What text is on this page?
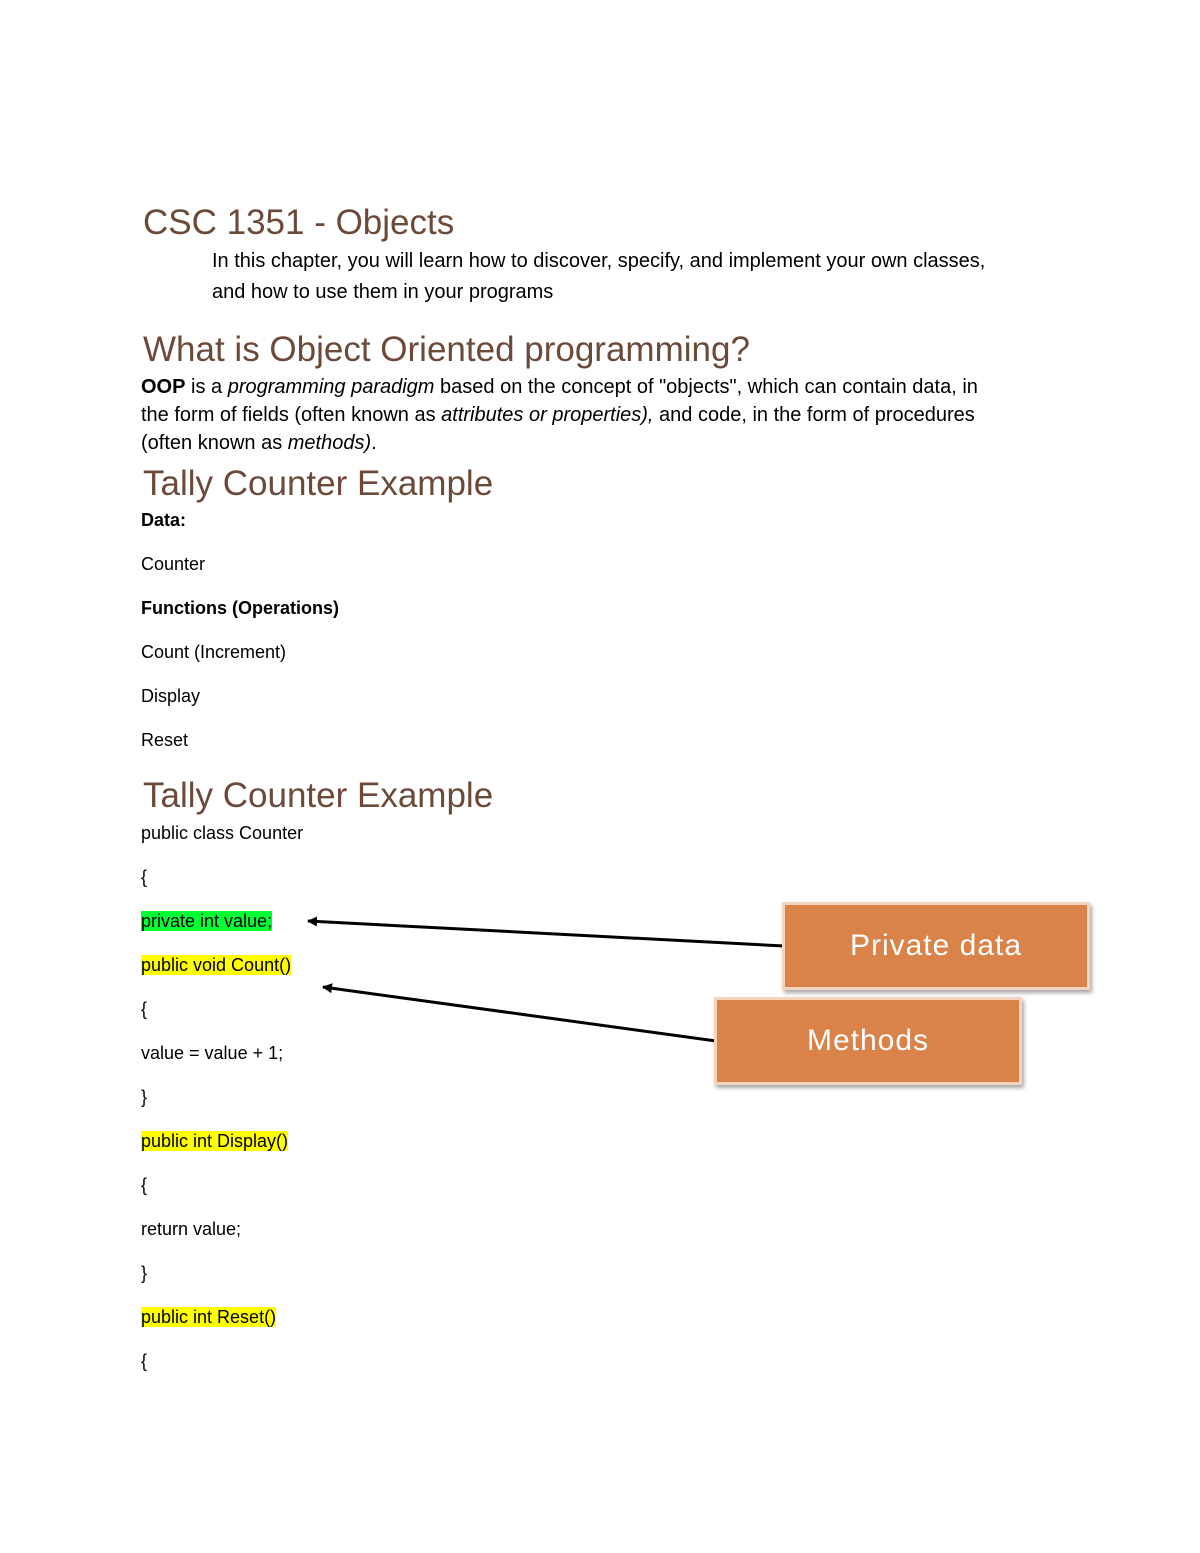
CSC 1351 - Objects

In this chapter, you will learn how to discover, specify, and implement your own classes,

and how to use them in your programs

What is Object Oriented programming?

OOP is a programming paradigm based on the concept of "objects", which can contain data, in

the form of fields (often known as attributes or properties), and code, in the form of procedures

(often known as methods).

Tally Counter Example

Data:

Counter

Functions (Operations)

Count (Increment)

Display

Reset

Tally Counter Example

public class Counter

{

private int value;

public void Count()

{

value = value + 1;

}

public int Display()

{

return value;

}

public int Reset()

{

Private data
Methods
